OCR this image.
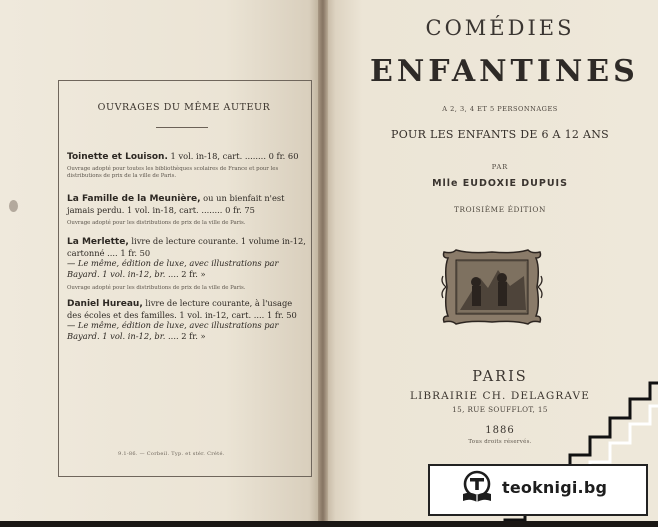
OUVRAGES DU MÊME AUTEUR
Toinette et Louison. 1 vol. in-18, cart. ........ 0 fr. 60
Ouvrage adopté pour toutes les bibliothèques scolaires de France et pour les distributions de prix de la ville de Paris.
La Famille de la Meunière, ou un bienfait n'est jamais perdu. 1 vol. in-18, cart. ........ 0 fr. 75
Ouvrage adopté pour les distributions de prix de la ville de Paris.
La Merlette, livre de lecture courante. 1 volume in-12, cartonné .... 1 fr. 50
— Le même, édition de luxe, avec illustrations par Bayard. 1 vol. in-12, br. .... 2 fr. »
Ouvrage adopté pour les distributions de prix de la ville de Paris.
Daniel Hureau, livre de lecture courante, à l'usage des écoles et des familles. 1 vol. in-12, cart. .... 1 fr. 50
— Le même, édition de luxe, avec illustrations par Bayard. 1 vol. in-12, br. .... 2 fr. »
9.1-86. — Corbeil. Typ. et stér. Crété.
COMÉDIES
ENFANTINES
A 2, 3, 4 ET 5 PERSONNAGES
POUR LES ENFANTS DE 6 A 12 ANS
PAR
Mlle EUDOXIE DUPUIS
TROISIÈME ÉDITION
PARIS
LIBRAIRIE CH. DELAGRAVE
15, RUE SOUFFLOT, 15
1886
Tous droits réservés.
teoknigi.bg
